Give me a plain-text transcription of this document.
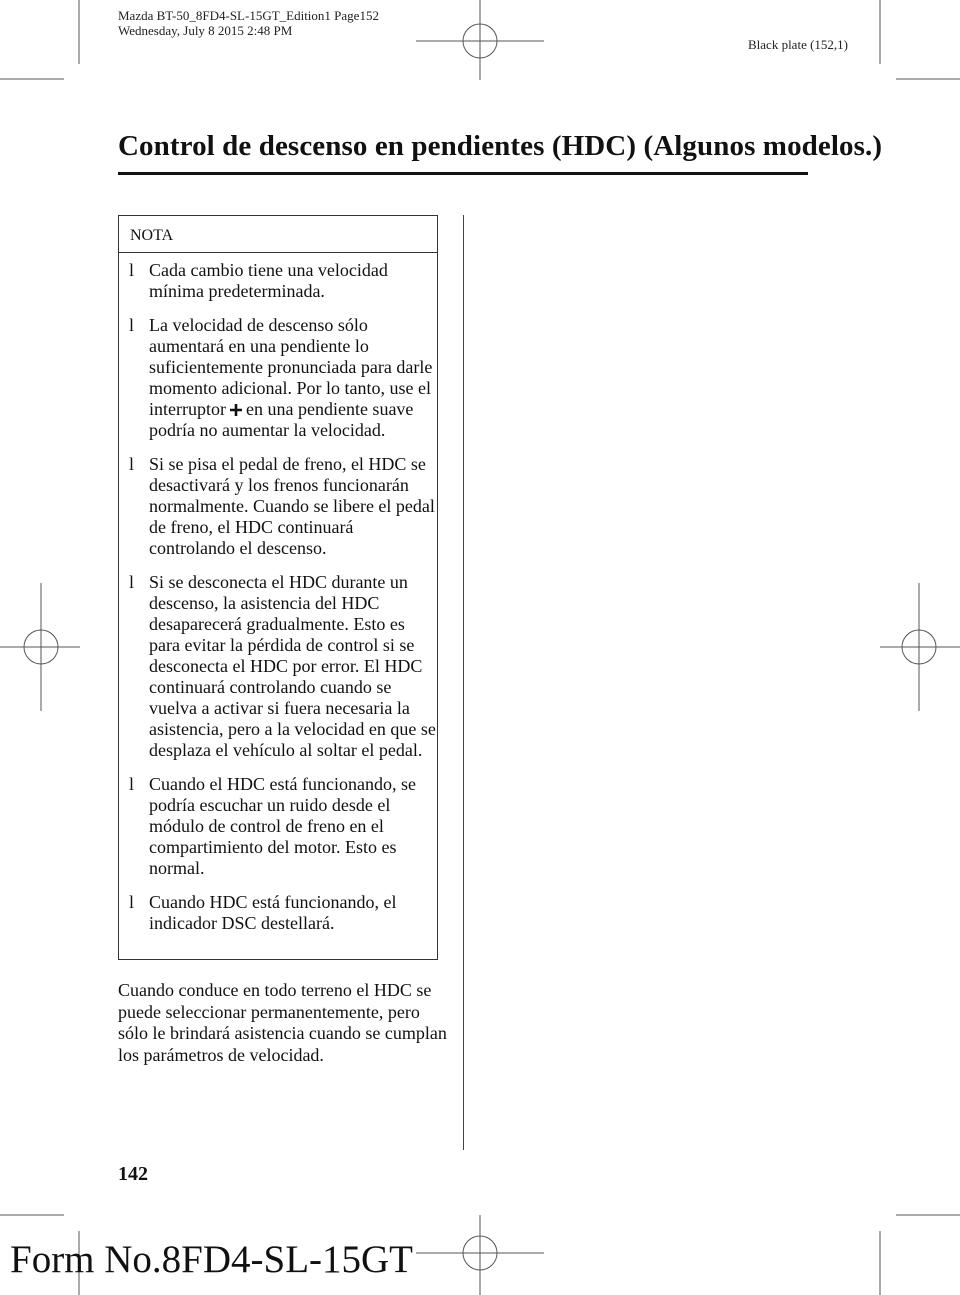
Mazda BT-50_8FD4-SL-15GT_Edition1 Page152
Wednesday, July 8 2015 2:48 PM
Black plate (152,1)
Control de descenso en pendientes (HDC) (Algunos modelos.)
NOTA
l Cada cambio tiene una velocidad mínima predeterminada.
l La velocidad de descenso sólo aumentará en una pendiente lo suficientemente pronunciada para darle momento adicional. Por lo tanto, use el interruptor en una pendiente suave podría no aumentar la velocidad.
l Si se pisa el pedal de freno, el HDC se desactivará y los frenos funcionarán normalmente. Cuando se libere el pedal de freno, el HDC continuará controlando el descenso.
l Si se desconecta el HDC durante un descenso, la asistencia del HDC desaparecerá gradualmente. Esto es para evitar la pérdida de control si se desconecta el HDC por error. El HDC continuará controlando cuando se vuelva a activar si fuera necesaria la asistencia, pero a la velocidad en que se desplaza el vehículo al soltar el pedal.
l Cuando el HDC está funcionando, se podría escuchar un ruido desde el módulo de control de freno en el compartimiento del motor. Esto es normal.
l Cuando HDC está funcionando, el indicador DSC destellará.
Cuando conduce en todo terreno el HDC se puede seleccionar permanentemente, pero sólo le brindará asistencia cuando se cumplan los parámetros de velocidad.
142
Form No.8FD4-SL-15GT
